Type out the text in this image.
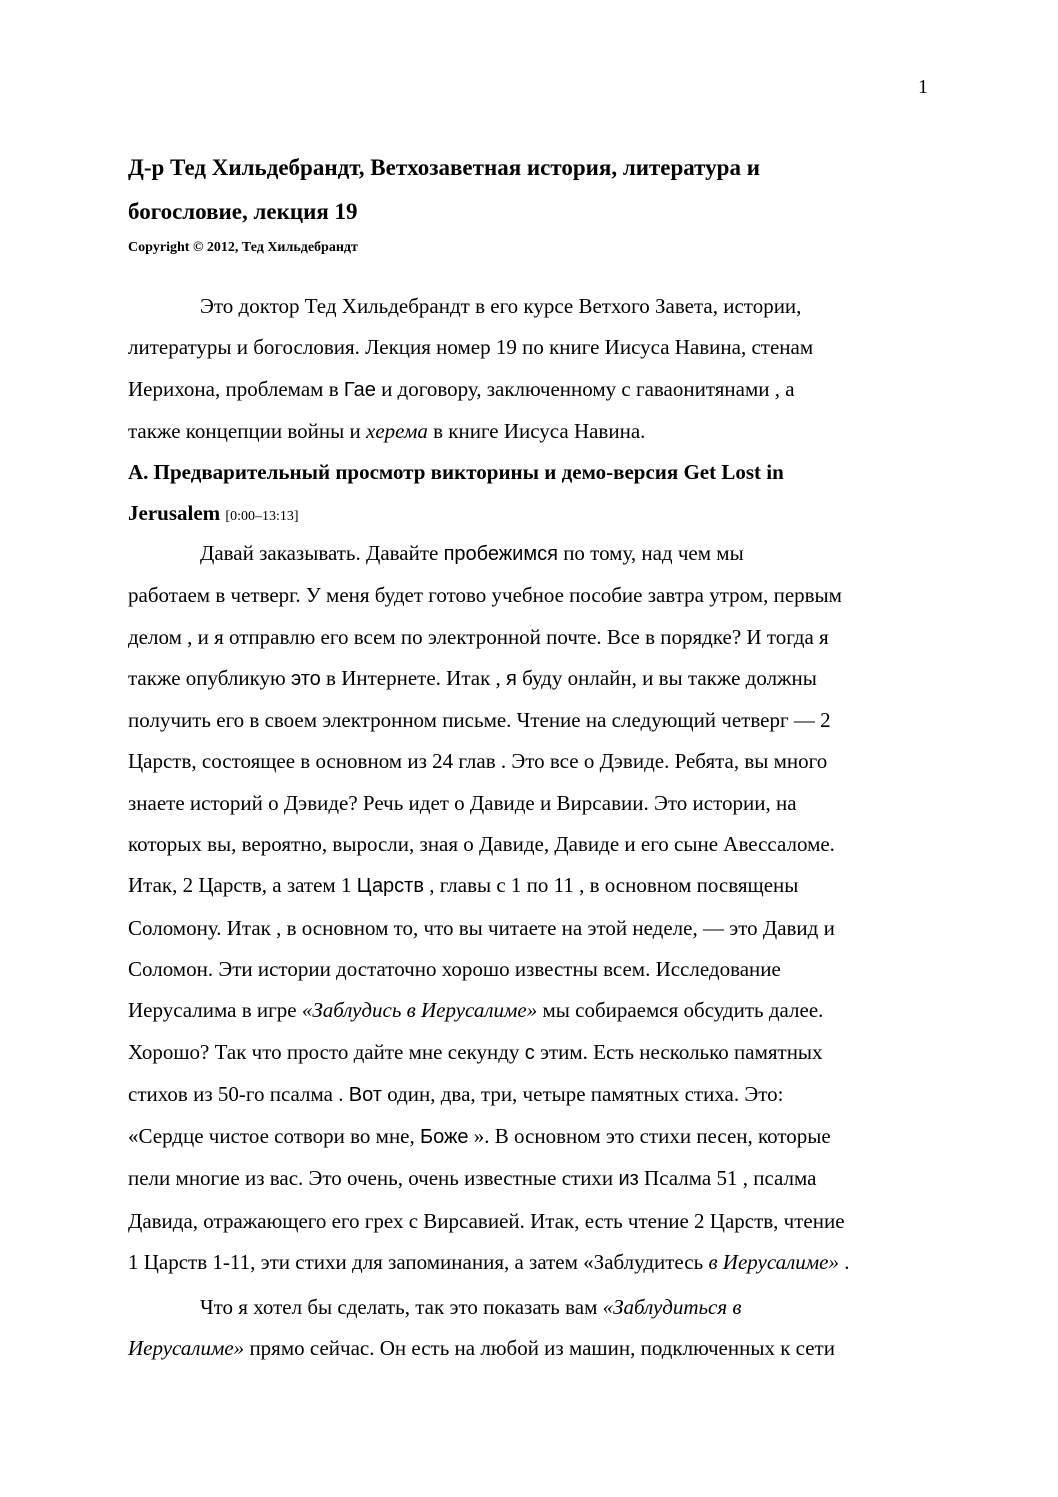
1
Д-р Тед Хильдебрандт, Ветхозаветная история, литература и
богословие, лекция 19
Copyright © 2012, Тед Хильдебрандт
Это доктор Тед Хильдебрандт в его курсе Ветхого Завета, истории,
литературы и богословия. Лекция номер 19 по книге Иисуса Навина, стенам
Иерихона, проблемам в Гае и договору, заключенному с гаваонитянами , а
также концепции войны и херема в книге Иисуса Навина.
А. Предварительный просмотр викторины и демо-версия Get Lost in
Jerusalem [0:00–13:13]
Давай заказывать. Давайте пробежимся по тому, над чем мы
работаем в четверг. У меня будет готово учебное пособие завтра утром, первым
делом , и я отправлю его всем по электронной почте. Все в порядке? И тогда я
также опубликую это в Интернете. Итак , я буду онлайн, и вы также должны
получить его в своем электронном письме. Чтение на следующий четверг — 2
Царств, состоящее в основном из 24 глав . Это все о Дэвиде. Ребята, вы много
знаете историй о Дэвиде? Речь идет о Давиде и Вирсавии. Это истории, на
которых вы, вероятно, выросли, зная о Давиде, Давиде и его сыне Авессаломе.
Итак, 2 Царств, а затем 1 Царств , главы с 1 по 11 , в основном посвящены
Соломону. Итак , в основном то, что вы читаете на этой неделе, — это Давид и
Соломон. Эти истории достаточно хорошо известны всем. Исследование
Иерусалима в игре «Заблудись в Иерусалиме» мы собираемся обсудить далее.
Хорошо? Так что просто дайте мне секунду с этим. Есть несколько памятных
стихов из 50-го псалма . Вот один, два, три, четыре памятных стиха. Это:
«Сердце чистое сотвори во мне, Боже ». В основном это стихи песен, которые
пели многие из вас. Это очень, очень известные стихи из Псалма 51 , псалма
Давида, отражающего его грех с Вирсавией. Итак, есть чтение 2 Царств, чтение
1 Царств 1-11, эти стихи для запоминания, а затем «Заблудитесь в Иерусалиме» .
Что я хотел бы сделать, так это показать вам «Заблудиться в
Иерусалиме» прямо сейчас. Он есть на любой из машин, подключенных к сети
